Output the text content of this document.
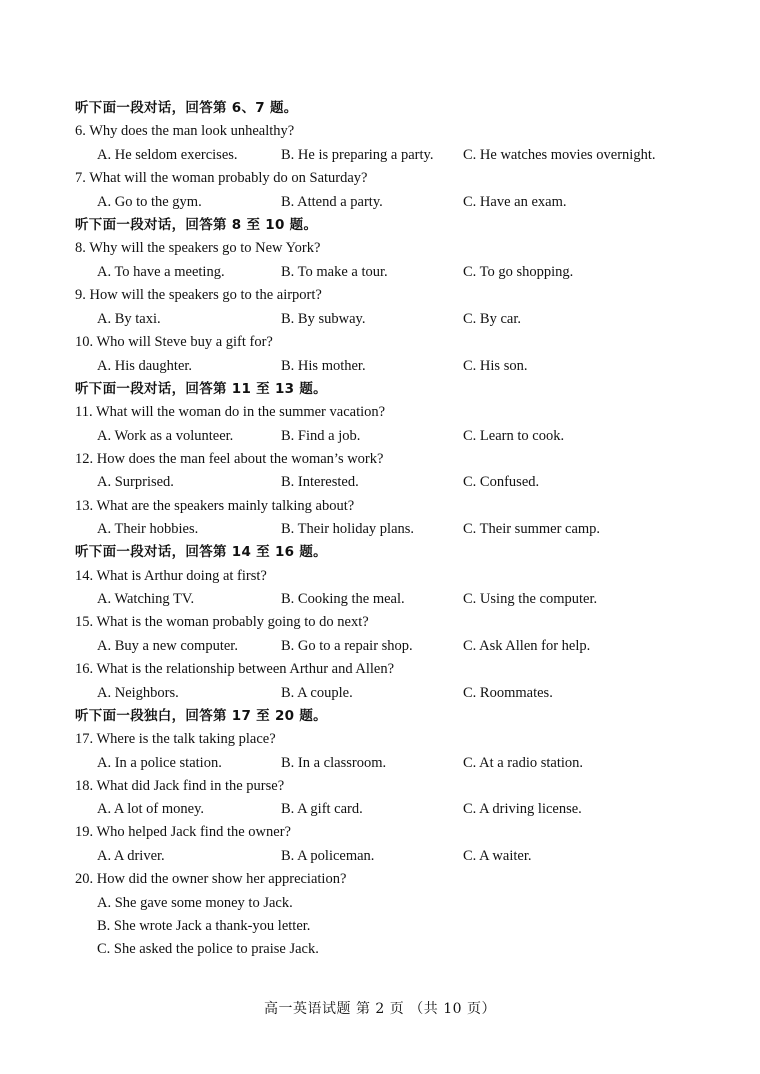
听下面一段对话，回答第 6、7 题。
6. Why does the man look unhealthy?
A. He seldom exercises.	B. He is preparing a party. C. He watches movies overnight.
7. What will the woman probably do on Saturday?
A. Go to the gym.	B. Attend a party.	C. Have an exam.
听下面一段对话，回答第 8 至 10 题。
8. Why will the speakers go to New York?
A. To have a meeting.	B. To make a tour.	C. To go shopping.
9. How will the speakers go to the airport?
A. By taxi.	B. By subway.	C. By car.
10. Who will Steve buy a gift for?
A. His daughter.	B. His mother.	C. His son.
听下面一段对话，回答第 11 至 13 题。
11. What will the woman do in the summer vacation?
A. Work as a volunteer.	B. Find a job.	C. Learn to cook.
12. How does the man feel about the woman’s work?
A. Surprised.	B. Interested.	C. Confused.
13. What are the speakers mainly talking about?
A. Their hobbies.	B. Their holiday plans.	C. Their summer camp.
听下面一段对话，回答第 14 至 16 题。
14. What is Arthur doing at first?
A. Watching TV.	B. Cooking the meal.	C. Using the computer.
15. What is the woman probably going to do next?
A. Buy a new computer.	B. Go to a repair shop.	C. Ask Allen for help.
16. What is the relationship between Arthur and Allen?
A. Neighbors.	B. A couple.	C. Roommates.
听下面一段独白，回答第 17 至 20 题。
17. Where is the talk taking place?
A. In a police station.	B. In a classroom.	C. At a radio station.
18. What did Jack find in the purse?
A. A lot of money.	B. A gift card.	C. A driving license.
19. Who helped Jack find the owner?
A. A driver.	B. A policeman.	C. A waiter.
20. How did the owner show her appreciation?
A. She gave some money to Jack.
B. She wrote Jack a thank-you letter.
C. She asked the police to praise Jack.
高一英语试题 第 2 页 （共 10 页）
